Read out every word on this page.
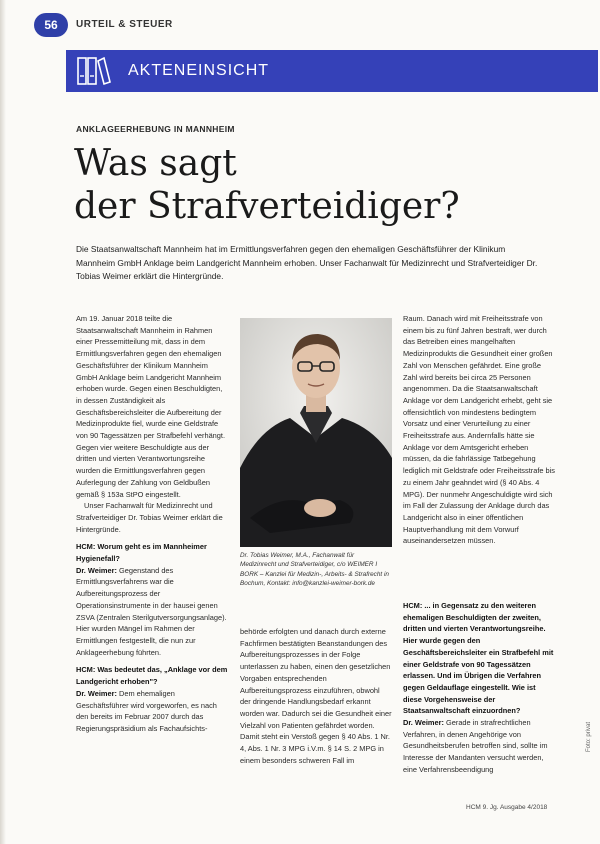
56	URTEIL & STEUER
AKTENEINSICHT
ANKLAGEERHEBUNG IN MANNHEIM
Was sagt
der Strafverteidiger?
Die Staatsanwaltschaft Mannheim hat im Ermittlungsverfahren gegen den ehemaligen Geschäftsführer der Klinikum Mannheim GmbH Anklage beim Landgericht Mannheim erhoben. Unser Fachanwalt für Medizinrecht und Strafverteidiger Dr. Tobias Weimer erklärt die Hintergründe.

Am 19. Januar 2018 teilte die Staatsanwaltschaft Mannheim in Rahmen einer Pressemitteilung mit, dass in dem Ermittlungsverfahren gegen den ehemaligen Geschäftsführer der Klinikum Mannheim GmbH Anklage beim Landgericht Mannheim erhoben wurde. Gegen einen Beschuldigten, in dessen Zuständigkeit als Geschäftsbereichsleiter die Aufbereitung der Medizinprodukte fiel, wurde eine Geldstrafe von 90 Tagessätzen per Strafbefehl verhängt. Gegen vier weitere Beschuldigte aus der dritten und vierten Verantwortungsreihe wurden die Ermittlungsverfahren gegen Auferlegung der Zahlung von Geldbußen gemäß § 153a StPO eingestellt.

Unser Fachanwalt für Medizinrecht und Strafverteidiger Dr. Tobias Weimer erklärt die Hintergründe.

HCM: Worum geht es im Mannheimer Hygienefall?

Dr. Weimer: Gegenstand des Ermittlungsverfahrens war die Aufbereitungsprozess der Operationsinstrumente in der hausei genen ZSVA (Zentralen Sterilgutversorgungsanlage). Hier wurden Mängel im Rahmen der Ermittlungen festgestellt, die nun zur Anklageerhebung führten.

HCM: Was bedeutet das, „Anklage vor dem Landgericht erhoben"?

Dr. Weimer: Dem ehemaligen Geschäftsführer wird vorgeworfen, es nach den bereits im Februar 2007 durch das Regierungspräsidium als Fachaufsichts-

Dr. Tobias Weimer, M.A., Fachanwalt für Medizinrecht und Strafverteidiger, c/o WEIMER I BORK – Kanzlei für Medizin-, Arbeits- & Strafrecht in Bochum, Kontakt: info@kanzlei-weimer-bork.de

behörde erfolgten und danach durch externe Fachfirmen bestätigten Beanstandungen des Aufbereitungsprozesses in der Folge unterlassen zu haben, einen den gesetzlichen Vorgaben entsprechenden Aufbereitungsprozess einzuführen, obwohl der dringende Handlungsbedarf erkannt worden war. Dadurch sei die Gesundheit einer Vielzahl von Patienten gefährdet worden. Damit steht ein Verstoß gegen § 40 Abs. 1 Nr. 4, Abs. 1 Nr. 3 MPG i.V.m. § 14 S. 2 MPG in einem besonders schweren Fall im

Raum. Danach wird mit Freiheitsstrafe von einem bis zu fünf Jahren bestraft, wer durch das Betreiben eines mangelhaften Medizinprodukts die Gesundheit einer großen Zahl von Menschen gefährdet. Eine große Zahl wird bereits bei circa 25 Personen angenommen. Da die Staatsanwaltschaft Anklage vor dem Landgericht erhebt, geht sie offensichtlich von mindestens bedingtem Vorsatz und einer Verurteilung zu einer Freiheitsstrafe aus. Andernfalls hätte sie Anklage vor dem Amtsgericht erheben müssen, da die fahrlässige Tatbegehung lediglich mit Geldstrafe oder Freiheitsstrafe bis zu einem Jahr geahndet wird (§ 40 Abs. 4 MPG). Der nunmehr Angeschuldigte wird sich im Fall der Zulassung der Anklage durch das Landgericht also in einer öffentlichen Hauptverhandlung mit dem Vorwurf auseinandersetzen müssen.

HCM: ... in Gegensatz zu den weiteren ehemaligen Beschuldigten der zweiten, dritten und vierten Verantwortungsreihe. Hier wurde gegen den Geschäftsbereichsleiter ein Strafbefehl mit einer Geldstrafe von 90 Tagessätzen erlassen. Und im Übrigen die Verfahren gegen Geldauflage eingestellt. Wie ist diese Vorgehensweise der Staatsanwaltschaft einzuordnen?

Dr. Weimer: Gerade in strafrechtlichen Verfahren, in denen Angehörige von Gesundheitsberufen betroffen sind, sollte im Interesse der Mandanten versucht werden, eine Verfahrensbeendigung

Foto: privat
HCM 9. Jg. Ausgabe 4/2018
